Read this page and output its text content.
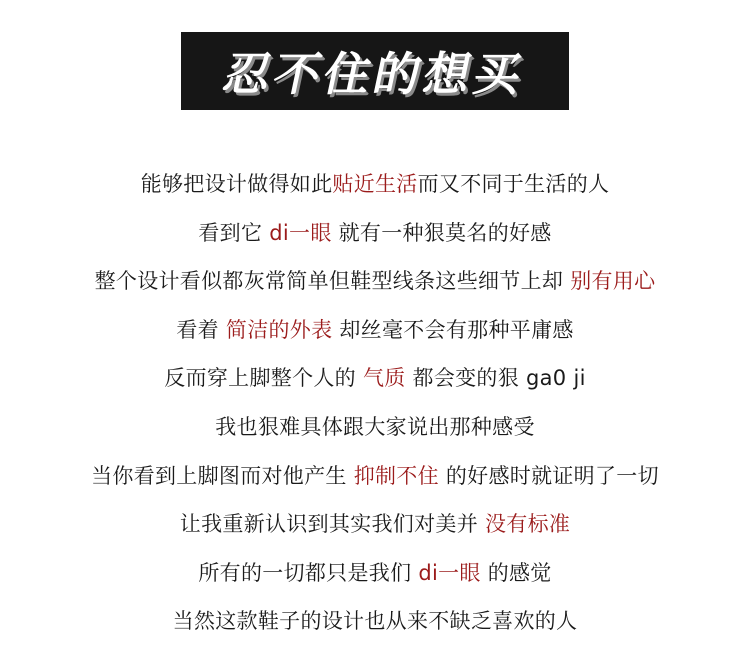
忍不住的想买
能够把设计做得如此贴近生活而又不同于生活的人
看到它 di一眼 就有一种狠莫名的好感
整个设计看似都灰常简单但鞋型线条这些细节上却 别有用心
看着 简洁的外表 却丝毫不会有那种平庸感
反而穿上脚整个人的 气质 都会变的狠 ga0 ji
我也狠难具体跟大家说出那种感受
当你看到上脚图而对他产生 抑制不住 的好感时就证明了一切
让我重新认识到其实我们对美并 没有标准
所有的一切都只是我们 di一眼 的感觉
当然这款鞋子的设计也从来不缺乏喜欢的人
